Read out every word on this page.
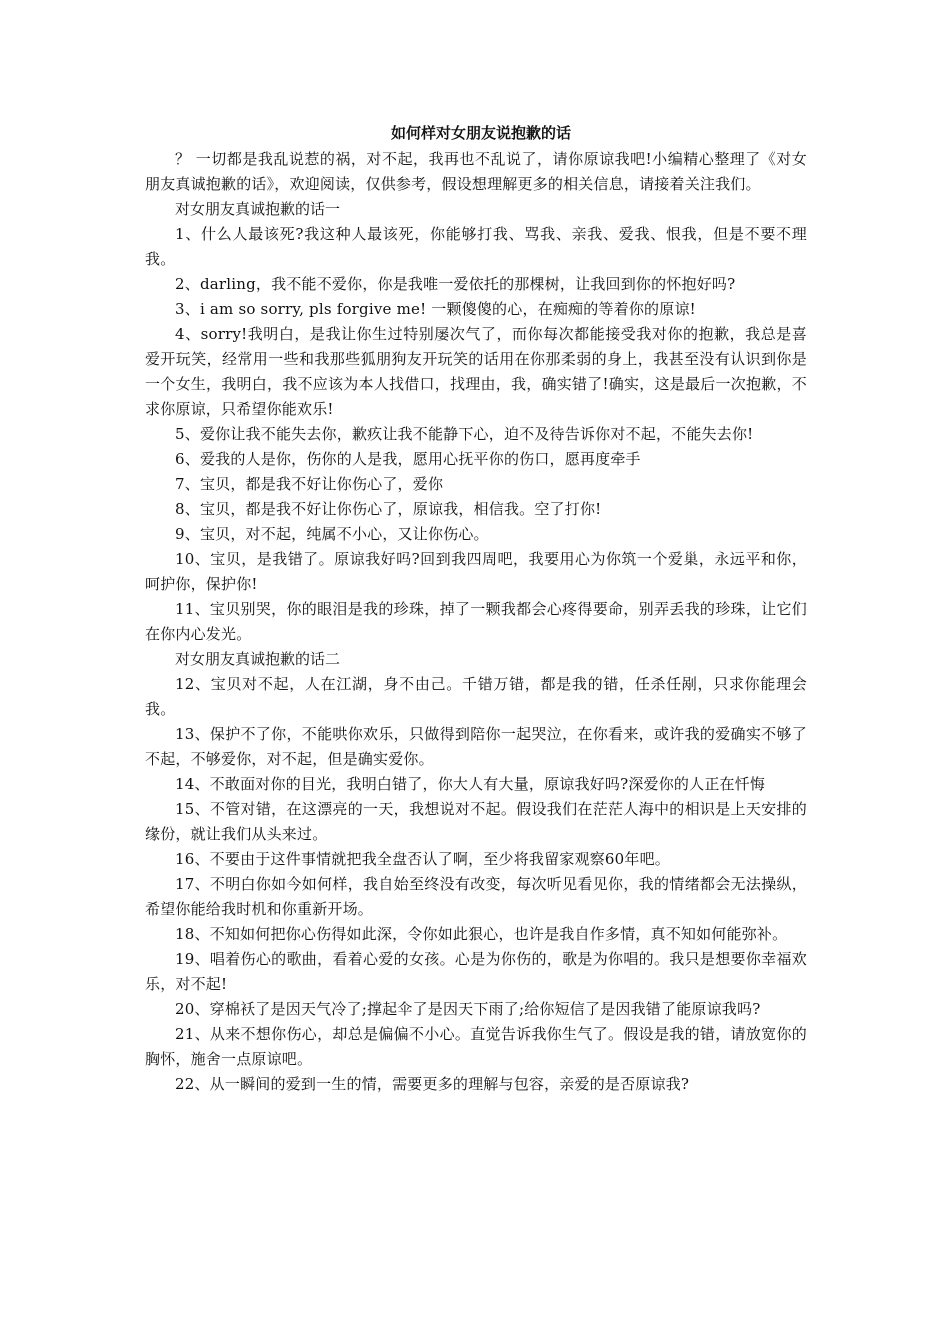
如何样对女朋友说抱歉的话

？ 一切都是我乱说惹的祸，对不起，我再也不乱说了，请你原谅我吧!小编精心整理了《对女朋友真诚抱歉的话》，欢迎阅读，仅供参考，假设想理解更多的相关信息，请接着关注我们。

对女朋友真诚抱歉的话一

1、什么人最该死?我这种人最该死，你能够打我、骂我、亲我、爱我、恨我，但是不要不理我。

2、darling，我不能不爱你，你是我唯一爱依托的那棵树，让我回到你的怀抱好吗?

3、i am so sorry, pls forgive me! 一颗傻傻的心，在痴痴的等着你的原谅!

4、sorry!我明白，是我让你生过特别屡次气了，而你每次都能接受我对你的抱歉，我总是喜爱开玩笑，经常用一些和我那些狐朋狗友开玩笑的话用在你那柔弱的身上，我甚至没有认识到你是一个女生，我明白，我不应该为本人找借口，找理由，我，确实错了!确实，这是最后一次抱歉，不求你原谅，只希望你能欢乐!

5、爱你让我不能失去你，歉疚让我不能静下心，迫不及待告诉你对不起，不能失去你!

6、爱我的人是你，伤你的人是我，愿用心抚平你的伤口，愿再度牵手

7、宝贝，都是我不好让你伤心了，爱你

8、宝贝，都是我不好让你伤心了，原谅我，相信我。空了打你!

9、宝贝，对不起，纯属不小心，又让你伤心。

10、宝贝，是我错了。原谅我好吗?回到我四周吧，我要用心为你筑一个爱巢，永远平和你，呵护你，保护你!

11、宝贝别哭，你的眼泪是我的珍珠，掉了一颗我都会心疼得要命，别弄丢我的珍珠，让它们在你内心发光。

对女朋友真诚抱歉的话二

12、宝贝对不起，人在江湖，身不由己。千错万错，都是我的错，任杀任剐，只求你能理会我。

13、保护不了你，不能哄你欢乐，只做得到陪你一起哭泣，在你看来，或许我的爱确实不够了不起，不够爱你，对不起，但是确实爱你。

14、不敢面对你的目光，我明白错了，你大人有大量，原谅我好吗?深爱你的人正在忏悔

15、不管对错，在这漂亮的一天，我想说对不起。假设我们在茫茫人海中的相识是上天安排的缘份，就让我们从头来过。

16、不要由于这件事情就把我全盘否认了啊，至少将我留家观察60年吧。

17、不明白你如今如何样，我自始至终没有改变，每次听见看见你，我的情绪都会无法操纵，希望你能给我时机和你重新开场。

18、不知如何把你心伤得如此深，令你如此狠心，也许是我自作多情，真不知如何能弥补。

19、唱着伤心的歌曲，看着心爱的女孩。心是为你伤的，歌是为你唱的。我只是想要你幸福欢乐，对不起!

20、穿棉袄了是因天气冷了;撑起伞了是因天下雨了;给你短信了是因我错了能原谅我吗?

21、从来不想你伤心，却总是偏偏不小心。直觉告诉我你生气了。假设是我的错，请放宽你的胸怀，施舍一点原谅吧。

22、从一瞬间的爱到一生的情，需要更多的理解与包容，亲爱的是否原谅我?
